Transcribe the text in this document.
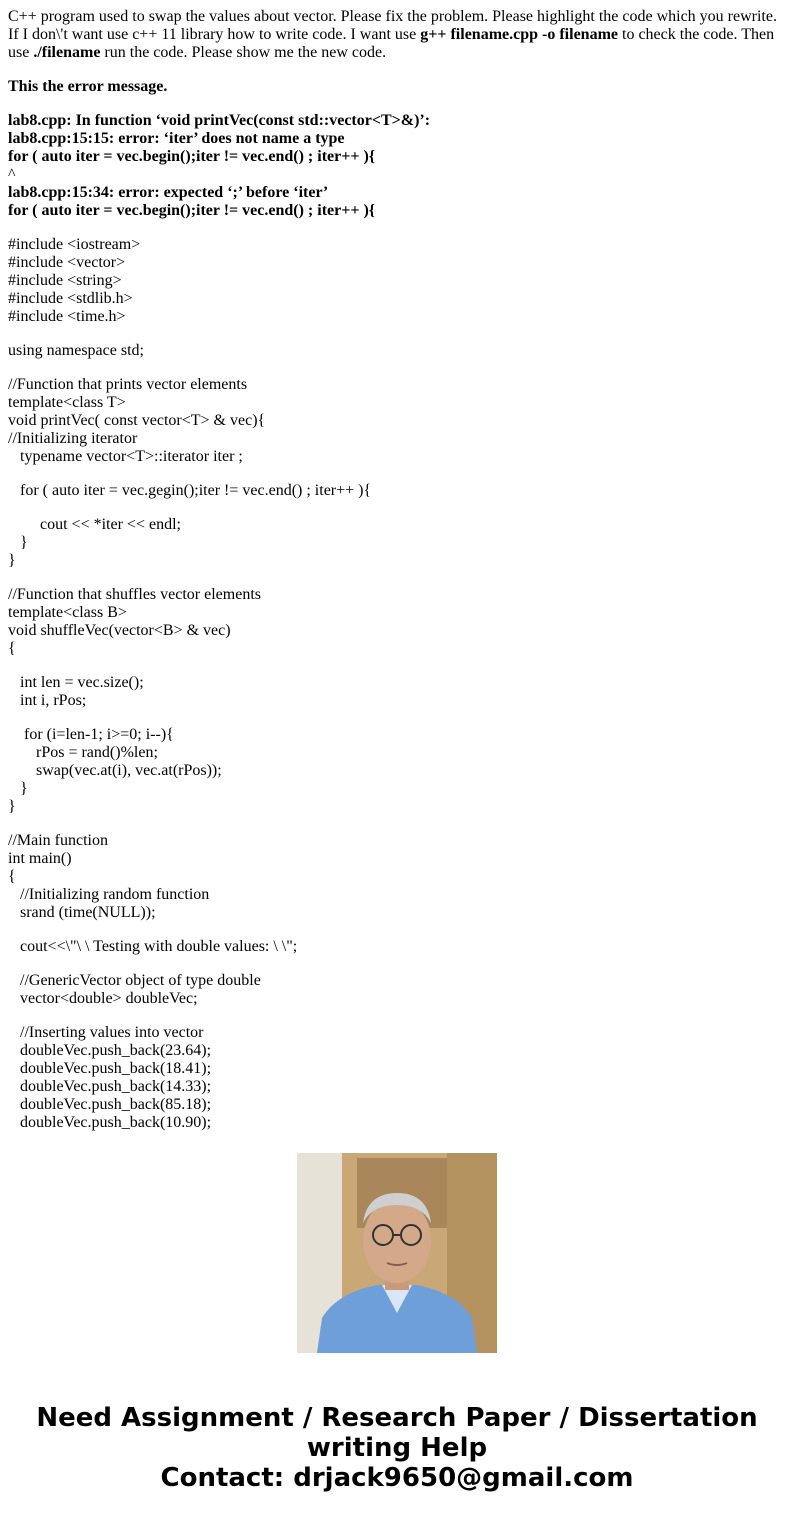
C++ program used to swap the values about vector. Please fix the problem. Please highlight the code which you rewrite. If I don\'t want use c++ 11 library how to write code. I want use g++ filename.cpp -o filename to check the code. Then use ./filename run the code. Please show me the new code.

This the error message.

lab8.cpp: In function ‘void printVec(const std::vector<T>&)’:
lab8.cpp:15:15: error: ‘iter’ does not name a type
for ( auto iter = vec.begin();iter != vec.end() ; iter++ ){
^
lab8.cpp:15:34: error: expected ‘;’ before ‘iter’
for ( auto iter = vec.begin();iter != vec.end() ; iter++ ){
#include <iostream>
#include <vector>
#include <string>
#include <stdlib.h>
#include <time.h>
using namespace std;
//Function that prints vector elements
template<class T>
void printVec( const vector<T> & vec){
//Initializing iterator
typename vector<T>::iterator iter ;
for ( auto iter = vec.gegin();iter != vec.end() ; iter++ ){
cout << *iter << endl;
}
}
//Function that shuffles vector elements
template<class B>
void shuffleVec(vector<B> & vec)
{
int len = vec.size();
int i, rPos;
for (i=len-1; i>=0; i--){
rPos = rand()%len;
swap(vec.at(i), vec.at(rPos));
}
}
//Main function
int main()
{
//Initializing random function
srand (time(NULL));
cout<<\"\ \ Testing with double values: \ \";
//GenericVector object of type double
vector<double> doubleVec;
//Inserting values into vector
doubleVec.push_back(23.64);
doubleVec.push_back(18.41);
doubleVec.push_back(14.33);
doubleVec.push_back(85.18);
doubleVec.push_back(10.90);
Need Assignment / Research Paper / Dissertation
writing Help
Contact: drjack9650@gmail.com
